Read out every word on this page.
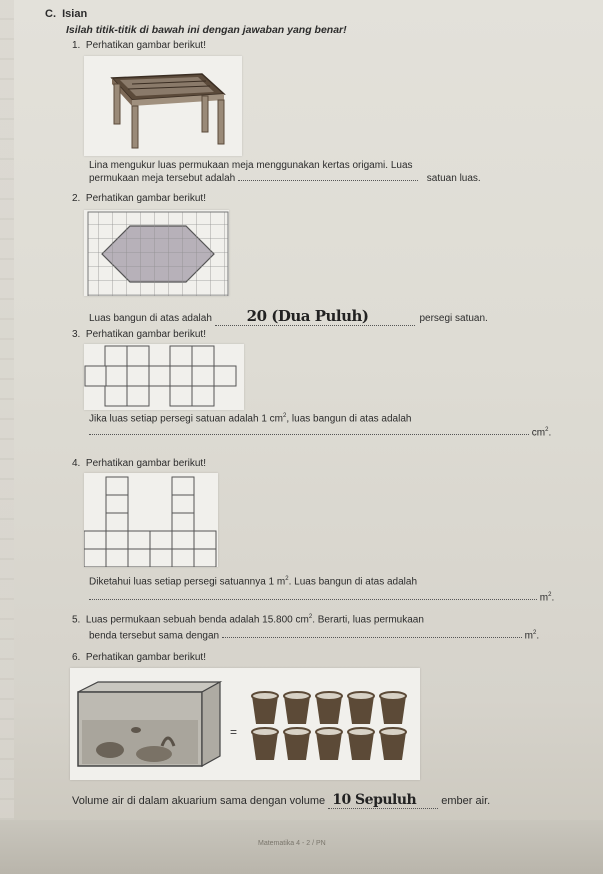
C. Isian
Isilah titik-titik di bawah ini dengan jawaban yang benar!
1. Perhatikan gambar berikut!
Lina mengukur luas permukaan meja menggunakan kertas origami. Luas
permukaan meja tersebut adalah	satuan luas.
2. Perhatikan gambar berikut!
Luas bangun di atas adalah 20 (Dua Puluh)	persegi satuan.
3. Perhatikan gambar berikut!
Jika luas setiap persegi satuan adalah 1 $cm^2$, luas bangun di atas adalah
$cm^2$.
4. Perhatikan gambar berikut!
Diketahui luas setiap persegi satuannya 1 $m^2$. Luas bangun di atas adalah
$m^2$.
5. Luas permukaan sebuah benda adalah 15.800 $cm^2$. Berarti, luas permukaan
benda tersebut sama dengan	$m^2$.
6. Perhatikan gambar berikut!
=
Volume air di dalam akuarium sama dengan volume 10 Sepuluh ember air.
Matematika 4 - 2 / PN
